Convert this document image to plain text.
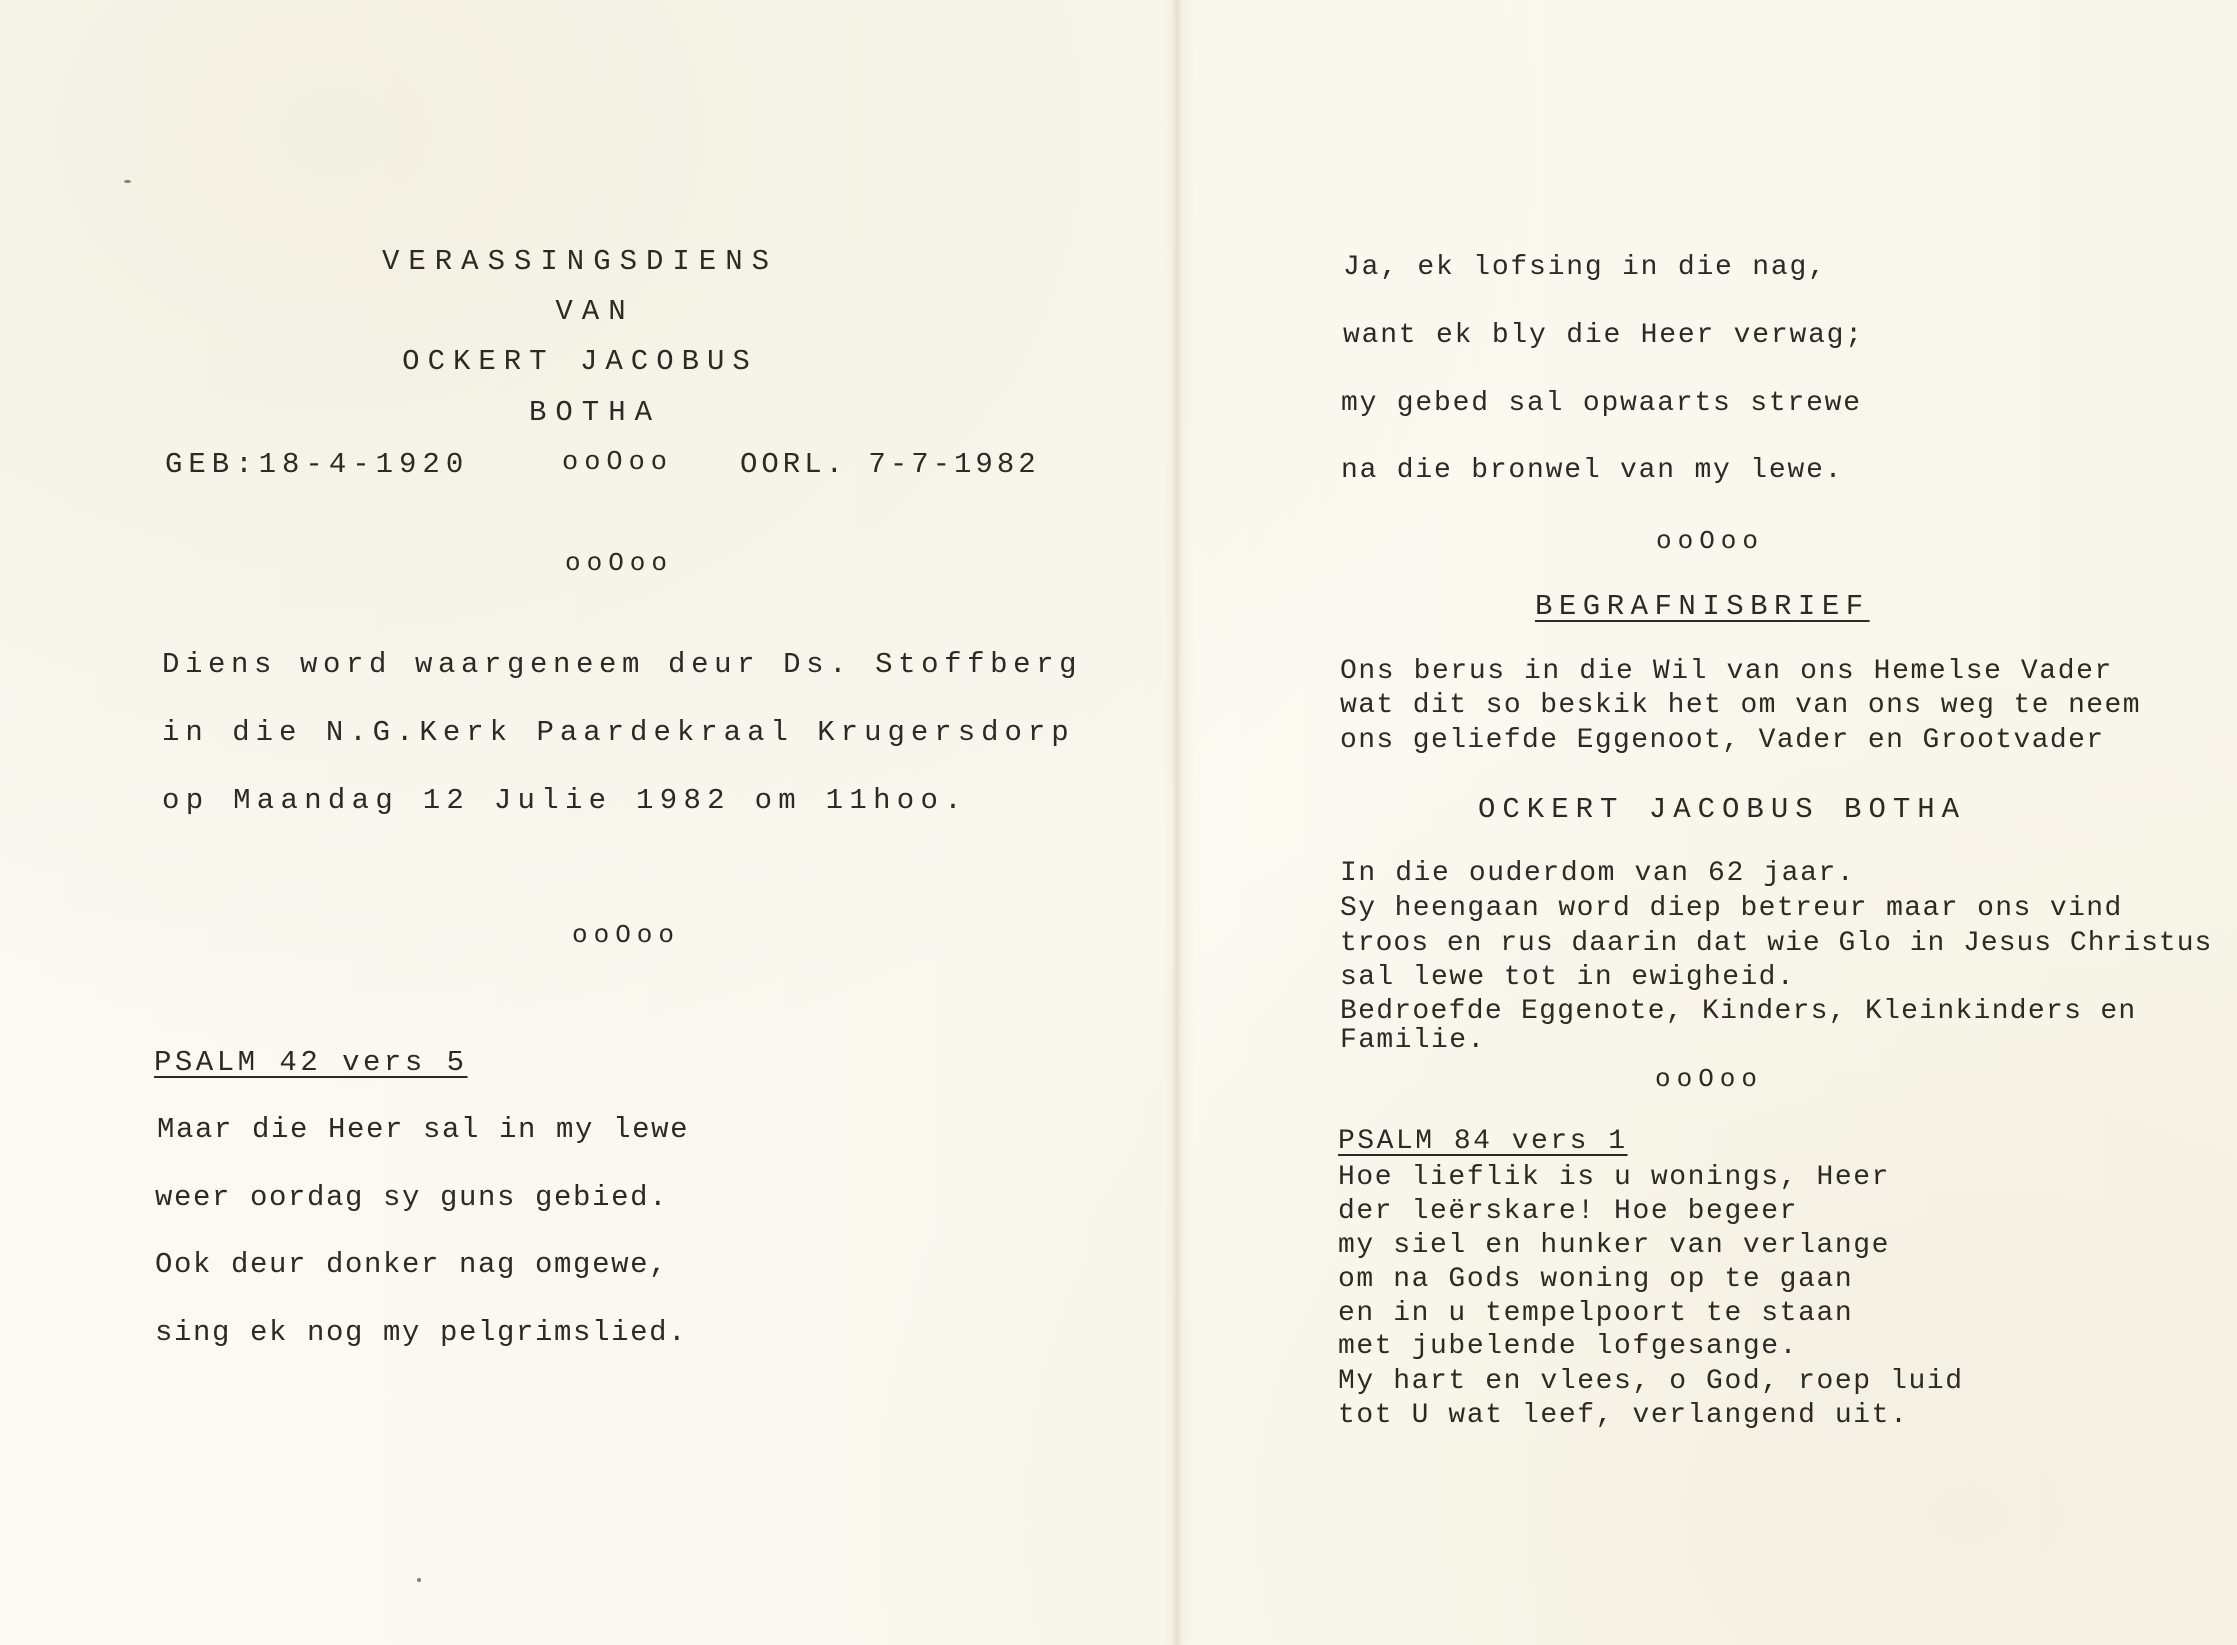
VERASSINGSDIENS
VAN
OCKERT JACOBUS
BOTHA
GEB:18-4-1920	ooOoo OORL. 7-7-1982
ooOoo
Diens word waargeneem deur Ds. Stoffberg
in die N.G.Kerk Paardekraal Krugersdorp
op Maandag 12 Julie 1982 om 11hoo.
ooOoo
PSALM 42 vers 5
Maar die Heer sal in my lewe
weer oordag sy guns gebied.
Ook deur donker nag omgewe,
sing ek nog my pelgrimslied.
Ja, ek lofsing in die nag,
want ek bly die Heer verwag;
my gebed sal opwaarts strewe
na die bronwel van my lewe.
ooOoo
BEGRAFNISBRIEF
Ons berus in die Wil van ons Hemelse Vader
wat dit so beskik het om van ons weg te neem
ons geliefde Eggenoot, Vader en Grootvader
OCKERT JACOBUS BOTHA
In die ouderdom van 62 jaar.
Sy heengaan word diep betreur maar ons vind
troos en rus daarin dat wie Glo in Jesus Christus
sal lewe tot in ewigheid.
Bedroefde Eggenote, Kinders, Kleinkinders en
Familie.
ooOoo
PSALM 84 vers 1
Hoe lieflik is u wonings, Heer
der leërskare! Hoe begeer
my siel en hunker van verlange
om na Gods woning op te gaan
en in u tempelpoort te staan
met jubelende lofgesange.
My hart en vlees, o God, roep luid
tot U wat leef, verlangend uit.
